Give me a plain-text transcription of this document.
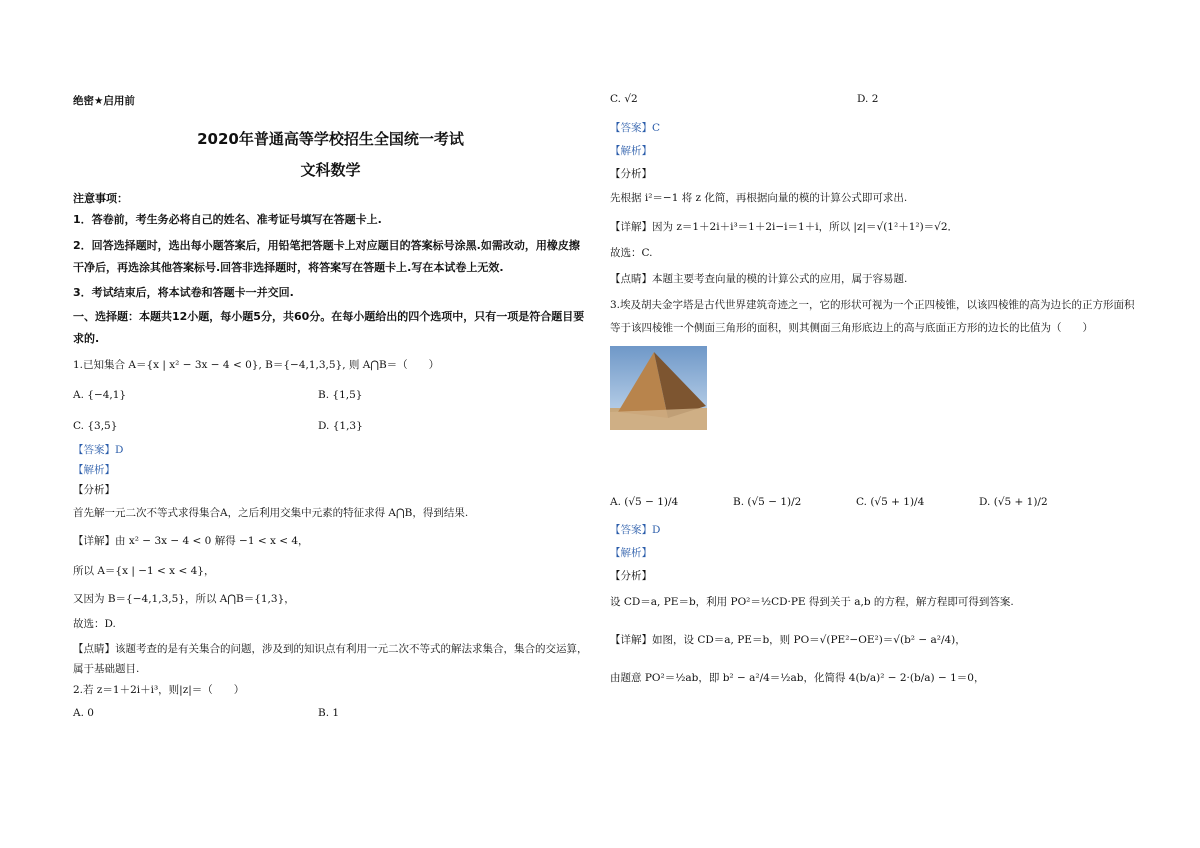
绝密★启用前

2020年普通高等学校招生全国统一考试

文科数学

注意事项：

1．答卷前，考生务必将自己的姓名、准考证号填写在答题卡上.

2．回答选择题时，选出每小题答案后，用铅笔把答题卡上对应题目的答案标号涂黑.如需改动，用橡皮擦干净后，再选涂其他答案标号.回答非选择题时，将答案写在答题卡上.写在本试卷上无效.

3．考试结束后，将本试卷和答题卡一并交回.

一、选择题：本题共12小题，每小题5分，共60分。在每小题给出的四个选项中，只有一项是符合题目要求的.

1.已知集合 A＝{x | x² − 3x − 4 < 0}, B＝{−4,1,3,5}, 则 A⋂B＝（　　）

A. {−4,1}	B. {1,5}
C. {3,5}	D. {1,3}

【答案】D

【解析】

【分析】

首先解一元二次不等式求得集合A，之后利用交集中元素的特征求得 A⋂B，得到结果.

【详解】由 x² − 3x − 4 < 0 解得 −1 < x < 4，

所以 A＝{x | −1 < x < 4}，

又因为 B＝{−4,1,3,5}，所以 A⋂B＝{1,3}，

故选：D.

【点睛】该题考查的是有关集合的问题，涉及到的知识点有利用一元二次不等式的解法求集合，集合的交运算，属于基础题目.

2.若 z＝1＋2i＋i³，则|z|＝（　　）

A. 0	B. 1
C. √2	D. 2

【答案】C

【解析】

【分析】

先根据 i²＝−1 将 z 化简，再根据向量的模的计算公式即可求出.

【详解】因为 z＝1＋2i＋i³＝1＋2i−i＝1＋i，所以 |z|＝√(1²＋1²)＝√2．

故选：C.

【点睛】本题主要考查向量的模的计算公式的应用，属于容易题.

3.埃及胡夫金字塔是古代世界建筑奇迹之一，它的形状可视为一个正四棱锥，以该四棱锥的高为边长的正方形面积等于该四棱锥一个侧面三角形的面积，则其侧面三角形底边上的高与底面正方形的边长的比值为（　　）

A. (√5 − 1)/4	B. (√5 − 1)/2	C. (√5 + 1)/4	D. (√5 + 1)/2

【答案】D

【解析】

【分析】

设 CD＝a, PE＝b，利用 PO²＝½CD·PE 得到关于 a,b 的方程，解方程即可得到答案.

【详解】如图，设 CD＝a, PE＝b，则 PO＝√(PE²−OE²)＝√(b² − a²/4)，

由题意 PO²＝½ab，即 b² − a²/4＝½ab，化简得 4(b/a)² − 2·(b/a) − 1＝0，
